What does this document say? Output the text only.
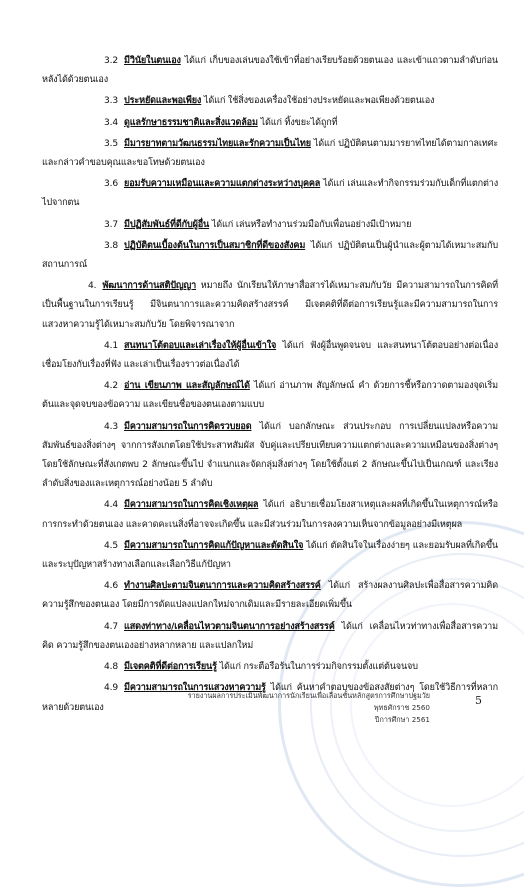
3.2 มีวินัยในตนเอง ได้แก่ เก็บของเล่นของใช้เข้าที่อย่างเรียบร้อยด้วยตนเอง และเข้าแถวตามลำดับก่อนหลังได้ด้วยตนเอง

3.3 ประหยัดและพอเพียง ได้แก่ ใช้สิ่งของเครื่องใช้อย่างประหยัดและพอเพียงด้วยตนเอง

3.4 ดูแลรักษาธรรมชาติและสิ่งแวดล้อม ได้แก่ ทิ้งขยะได้ถูกที่

3.5 มีมารยาทตามวัฒนธรรมไทยและรักความเป็นไทย ได้แก่ ปฏิบัติตนตามมารยาทไทยได้ตามกาลเทศะ และกล่าวคำขอบคุณและขอโทษด้วยตนเอง

3.6 ยอมรับความเหมือนและความแตกต่างระหว่างบุคคล ได้แก่ เล่นและทำกิจกรรมร่วมกับเด็กที่แตกต่างไปจากตน

3.7 มีปฏิสัมพันธ์ที่ดีกับผู้อื่น ได้แก่ เล่นหรือทำงานร่วมมือกับเพื่อนอย่างมีเป้าหมาย

3.8 ปฏิบัติตนเบื้องต้นในการเป็นสมาชิกที่ดีของสังคม ได้แก่ ปฏิบัติตนเป็นผู้นำและผู้ตามได้เหมาะสมกับสถานการณ์

4. พัฒนาการด้านสติปัญญา หมายถึง นักเรียนให้ภาษาสื่อสารได้เหมาะสมกับวัย มีความสามารถในการคิดที่เป็นพื้นฐานในการเรียนรู้ มีจินตนาการและความคิดสร้างสรรค์ มีเจตคติที่ดีต่อการเรียนรู้และมีความสามารถในการแสวงหาความรู้ได้เหมาะสมกับวัย โดยพิจารณาจาก

4.1 สนทนาโต้ตอบและเล่าเรื่องให้ผู้อื่นเข้าใจ ได้แก่ ฟังผู้อื่นพูดจนจบ และสนทนาโต้ตอบอย่างต่อเนื่องเชื่อมโยงกับเรื่องที่ฟัง และเล่าเป็นเรื่องราวต่อเนื่องได้

4.2 อ่าน เขียนภาพ และสัญลักษณ์ได้ ได้แก่ อ่านภาพ สัญลักษณ์ คำ ด้วยการชี้หรือกวาดตามองจุดเริ่มต้นและจุดจบของข้อความ และเขียนชื่อของตนเองตามแบบ

4.3 มีความสามารถในการคิดรวบยอด ได้แก่ บอกลักษณะ ส่วนประกอบ การเปลี่ยนแปลงหรือความสัมพันธ์ของสิ่งต่างๆ จากการสังเกตโดยใช้ประสาทสัมผัส จับคู่และเปรียบเทียบความแตกต่างและความเหมือนของสิ่งต่างๆ โดยใช้ลักษณะที่สังเกตพบ 2 ลักษณะขึ้นไป จำแนกและจัดกลุ่มสิ่งต่างๆ โดยใช้ตั้งแต่ 2 ลักษณะขึ้นไปเป็นเกณฑ์ และเรียงลำดับสิ่งของและเหตุการณ์อย่างน้อย 5 ลำดับ

4.4 มีความสามารถในการคิดเชิงเหตุผล ได้แก่ อธิบายเชื่อมโยงสาเหตุและผลที่เกิดขึ้นในเหตุการณ์หรือการกระทำด้วยตนเอง และคาดคะเนสิ่งที่อาจจะเกิดขึ้น และมีส่วนร่วมในการลงความเห็นจากข้อมูลอย่างมีเหตุผล

4.5 มีความสามารถในการคิดแก้ปัญหาและตัดสินใจ ได้แก่ ตัดสินใจในเรื่องง่ายๆ และยอมรับผลที่เกิดขึ้น และระบุปัญหาสร้างทางเลือกและเลือกวิธีแก้ปัญหา

4.6 ทำงานศิลปะตามจินตนาการและความคิดสร้างสรรค์ ได้แก่ สร้างผลงานศิลปะเพื่อสื่อสารความคิด ความรู้สึกของตนเอง โดยมีการดัดแปลงแปลกใหม่จากเดิมและมีรายละเอียดเพิ่มขึ้น

4.7 แสดงท่าทาง/เคลื่อนไหวตามจินตนาการอย่างสร้างสรรค์ ได้แก่ เคลื่อนไหวท่าทางเพื่อสื่อสารความคิด ความรู้สึกของตนเองอย่างหลากหลาย และแปลกใหม่

4.8 มีเจตคติที่ดีต่อการเรียนรู้ ได้แก่ กระตือรือร้นในการร่วมกิจกรรมตั้งแต่ต้นจนจบ

4.9 มีความสามารถในการแสวงหาความรู้ ได้แก่ ค้นหาคำตอบของข้อสงสัยต่างๆ โดยใช้วิธีการที่หลากหลายด้วยตนเอง

รายงานผลการประเมินพัฒนาการนักเรียนเพื่อเลื่อนชั้นหลักสูตรการศึกษาปฐมวัย พุทธศักราช 2560
ปีการศึกษา 2561
5
